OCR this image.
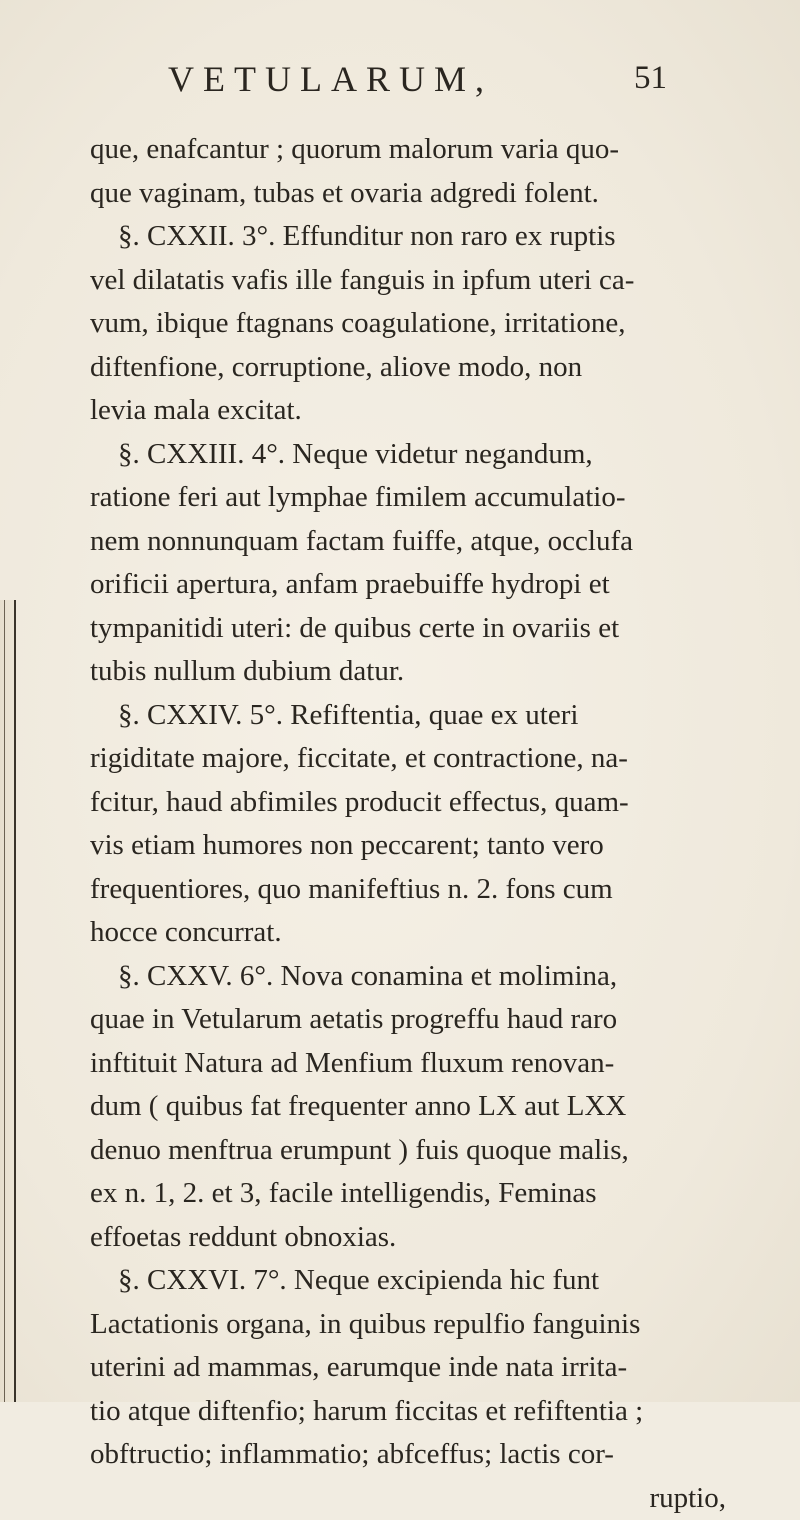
VETULARUM,	51
que, enafcantur ; quorum malorum varia quo-
que vaginam, tubas et ovaria adgredi folent.
§. CXXII. 3°. Effunditur non raro ex ruptis
vel dilatatis vafis ille fanguis in ipfum uteri ca-
vum, ibique ftagnans coagulatione, irritatione,
diftenfione, corruptione, aliove modo, non
levia mala excitat.
§. CXXIII. 4°. Neque videtur negandum,
ratione feri aut lymphae fimilem accumulatio-
nem nonnunquam factam fuiffe, atque, occlufa
orificii apertura, anfam praebuiffe hydropi et
tympanitidi uteri: de quibus certe in ovariis et
tubis nullum dubium datur.
§. CXXIV. 5°. Refiftentia, quae ex uteri
rigiditate majore, ficcitate, et contractione, na-
fcitur, haud abfimiles producit effectus, quam-
vis etiam humores non peccarent; tanto vero
frequentiores, quo manifeftius n. 2. fons cum
hocce concurrat.
§. CXXV. 6°. Nova conamina et molimina,
quae in Vetularum aetatis progreffu haud raro
inftituit Natura ad Menfium fluxum renovan-
dum ( quibus fat frequenter anno LX aut LXX
denuo menftrua erumpunt ) fuis quoque malis,
ex n. 1, 2. et 3, facile intelligendis, Feminas
effoetas reddunt obnoxias.
§. CXXVI. 7°. Neque excipienda hic funt
Lactationis organa, in quibus repulfio fanguinis
uterini ad mammas, earumque inde nata irrita-
tio atque diftenfio; harum ficcitas et refiftentia ;
obftructio; inflammatio; abfceffus; lactis cor-
ruptio,
